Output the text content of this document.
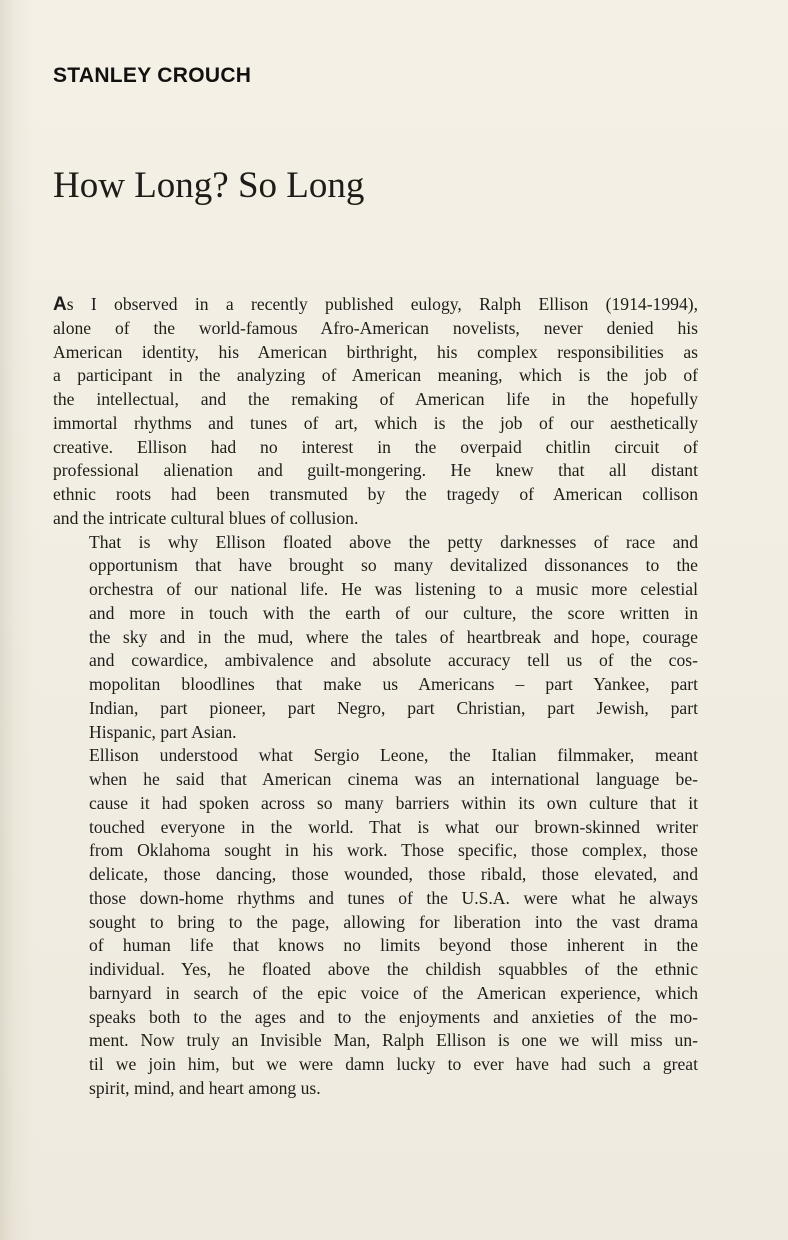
STANLEY CROUCH
How Long? So Long

As I observed in a recently published eulogy, Ralph Ellison (1914-1994),
alone of the world-famous Afro-American novelists, never denied his
American identity, his American birthright, his complex responsibilities as
a participant in the analyzing of American meaning, which is the job of
the intellectual, and the remaking of American life in the hopefully
immortal rhythms and tunes of art, which is the job of our aesthetically
creative. Ellison had no interest in the overpaid chitlin circuit of
professional alienation and guilt-mongering. He knew that all distant
ethnic roots had been transmuted by the tragedy of American collison
and the intricate cultural blues of collusion.

That is why Ellison floated above the petty darknesses of race and
opportunism that have brought so many devitalized dissonances to the
orchestra of our national life. He was listening to a music more celestial
and more in touch with the earth of our culture, the score written in
the sky and in the mud, where the tales of heartbreak and hope, courage
and cowardice, ambivalence and absolute accuracy tell us of the cos-
mopolitan bloodlines that make us Americans – part Yankee, part
Indian, part pioneer, part Negro, part Christian, part Jewish, part
Hispanic, part Asian.

Ellison understood what Sergio Leone, the Italian filmmaker, meant
when he said that American cinema was an international language be-
cause it had spoken across so many barriers within its own culture that it
touched everyone in the world. That is what our brown-skinned writer
from Oklahoma sought in his work. Those specific, those complex, those
delicate, those dancing, those wounded, those ribald, those elevated, and
those down-home rhythms and tunes of the U.S.A. were what he always
sought to bring to the page, allowing for liberation into the vast drama
of human life that knows no limits beyond those inherent in the
individual. Yes, he floated above the childish squabbles of the ethnic
barnyard in search of the epic voice of the American experience, which
speaks both to the ages and to the enjoyments and anxieties of the mo-
ment. Now truly an Invisible Man, Ralph Ellison is one we will miss un-
til we join him, but we were damn lucky to ever have had such a great
spirit, mind, and heart among us.
